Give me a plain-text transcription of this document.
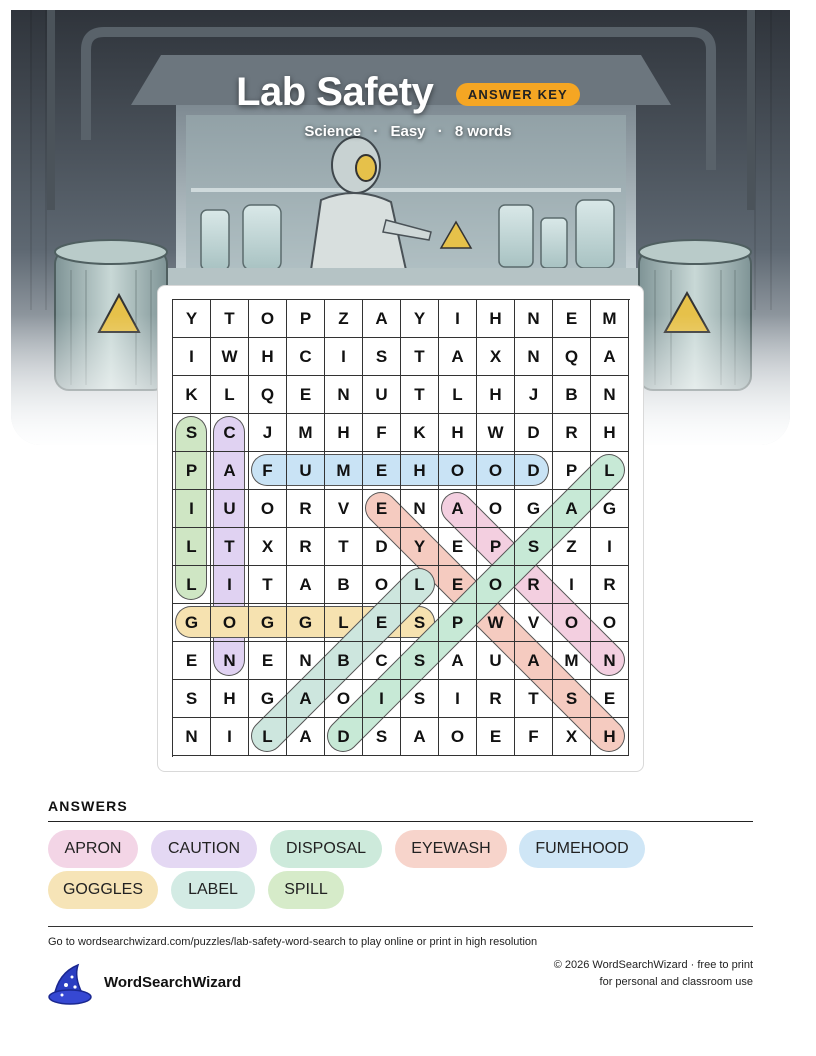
Lab Safety	ANSWER KEY
Science · Easy · 8 words
Y	T	O	P	Z	A	Y	I	H	N	E	M
I	W	H	C	I	S	T	A	X	N	Q	A
K	L	Q	E	N	U	T	L	H	J	B	N
S	C	J	M	H	F	K	H	W	D	R	H
P	A	F	U	M	E	H	O	O	D	P	L
I	U	O	R	V	E	N	A	O	G	A	G
L	T	X	R	T	D	Y	E	P	S	Z	I
L	I	T	A	B	O	L	E	O	R	I	R
G	O	G	G	L	E	S	P	W	V	O	O
E	N	E	N	B	C	S	A	U	A	M	N
S	H	G	A	O	I	S	I	R	T	S	E
N	I	L	A	D	S	A	O	E	F	X	H
ANSWERS
APRON	CAUTION	DISPOSAL	EYEWASH	FUMEHOOD
GOGGLES	LABEL	SPILL
Go to wordsearchwizard.com/puzzles/lab-safety-word-search to play online or print in high resolution
WordSearchWizard
© 2026 WordSearchWizard · free to print for personal and classroom use
